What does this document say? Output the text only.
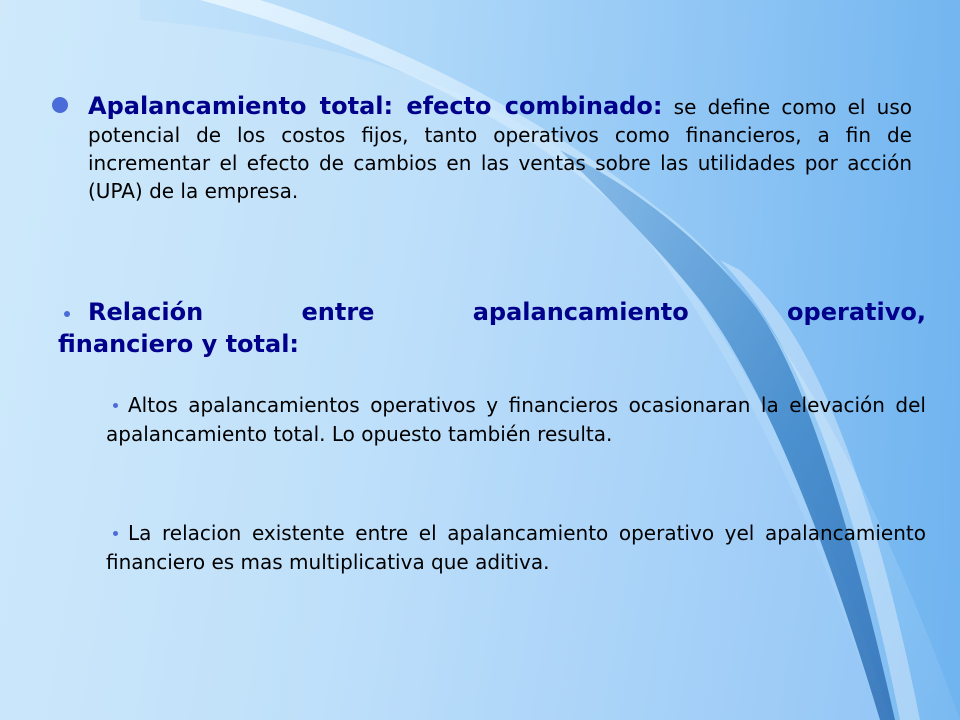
Apalancamiento total: efecto combinado: se define como el uso potencial de los costos fijos, tanto operativos como financieros, a fin de incrementar el efecto de cambios en las ventas sobre las utilidades por acción (UPA) de la empresa.
Relación	entre	apalancamiento	operativo,
financiero y total:
Altos apalancamientos operativos y financieros ocasionaran la elevación del apalancamiento total. Lo opuesto también resulta.
La relacion existente entre el apalancamiento operativo yel apalancamiento financiero es mas multiplicativa que aditiva.
